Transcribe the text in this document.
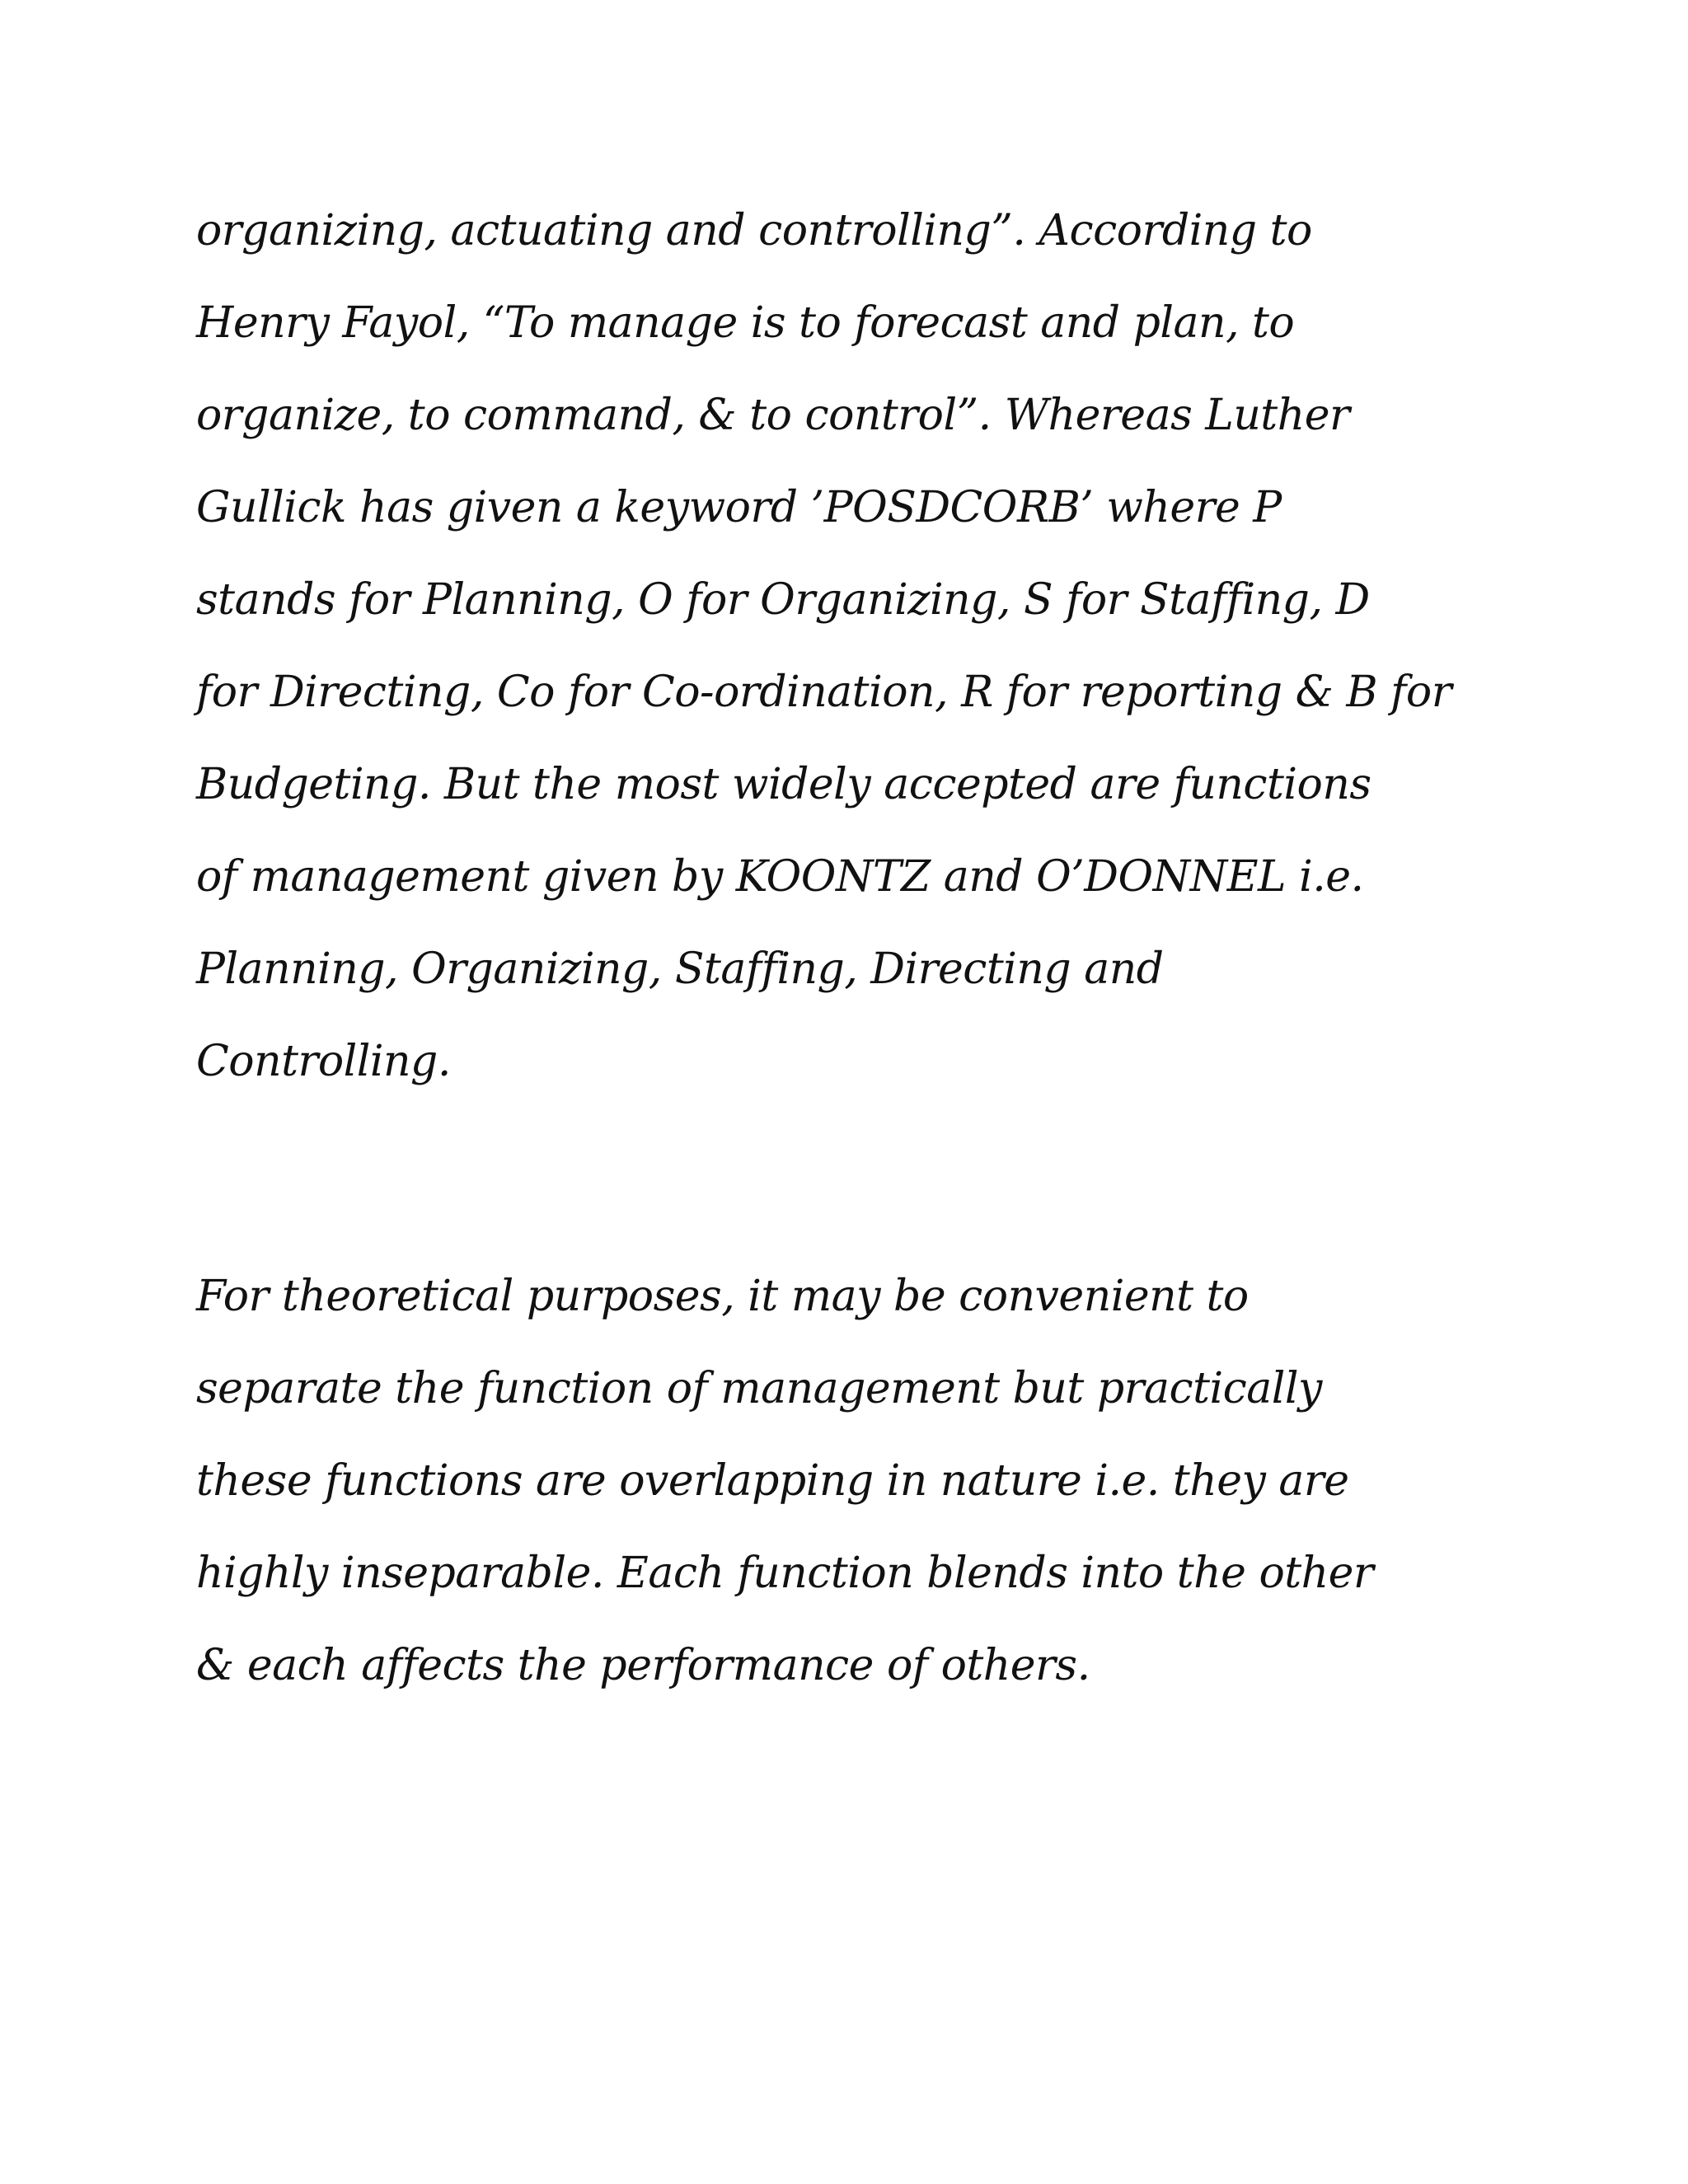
organizing, actuating and controlling”. According to

Henry Fayol, “To manage is to forecast and plan, to

organize, to command, & to control”. Whereas Luther

Gullick has given a keyword ’POSDCORB’ where P

stands for Planning, O for Organizing, S for Staffing, D

for Directing, Co for Co-ordination, R for reporting & B for

Budgeting. But the most widely accepted are functions

of management given by KOONTZ and O’DONNEL i.e.

Planning, Organizing, Staffing, Directing and

Controlling.

For theoretical purposes, it may be convenient to

separate the function of management but practically

these functions are overlapping in nature i.e. they are

highly inseparable. Each function blends into the other

& each affects the performance of others.
